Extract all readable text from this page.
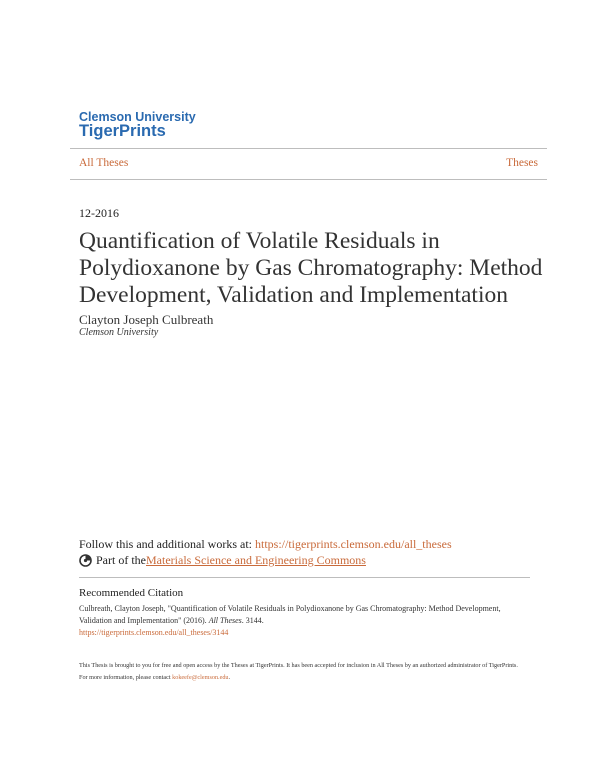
Clemson University
TigerPrints
All Theses	Theses
12-2016
Quantification of Volatile Residuals in
Polydioxanone by Gas Chromatography: Method
Development, Validation and Implementation
Clayton Joseph Culbreath
Clemson University
Follow this and additional works at: https://tigerprints.clemson.edu/all_theses
Part of the Materials Science and Engineering Commons
Recommended Citation
Culbreath, Clayton Joseph, "Quantification of Volatile Residuals in Polydioxanone by Gas Chromatography: Method Development, Validation and Implementation" (2016). All Theses. 3144.
https://tigerprints.clemson.edu/all_theses/3144
This Thesis is brought to you for free and open access by the Theses at TigerPrints. It has been accepted for inclusion in All Theses by an authorized administrator of TigerPrints. For more information, please contact kokeefe@clemson.edu.
